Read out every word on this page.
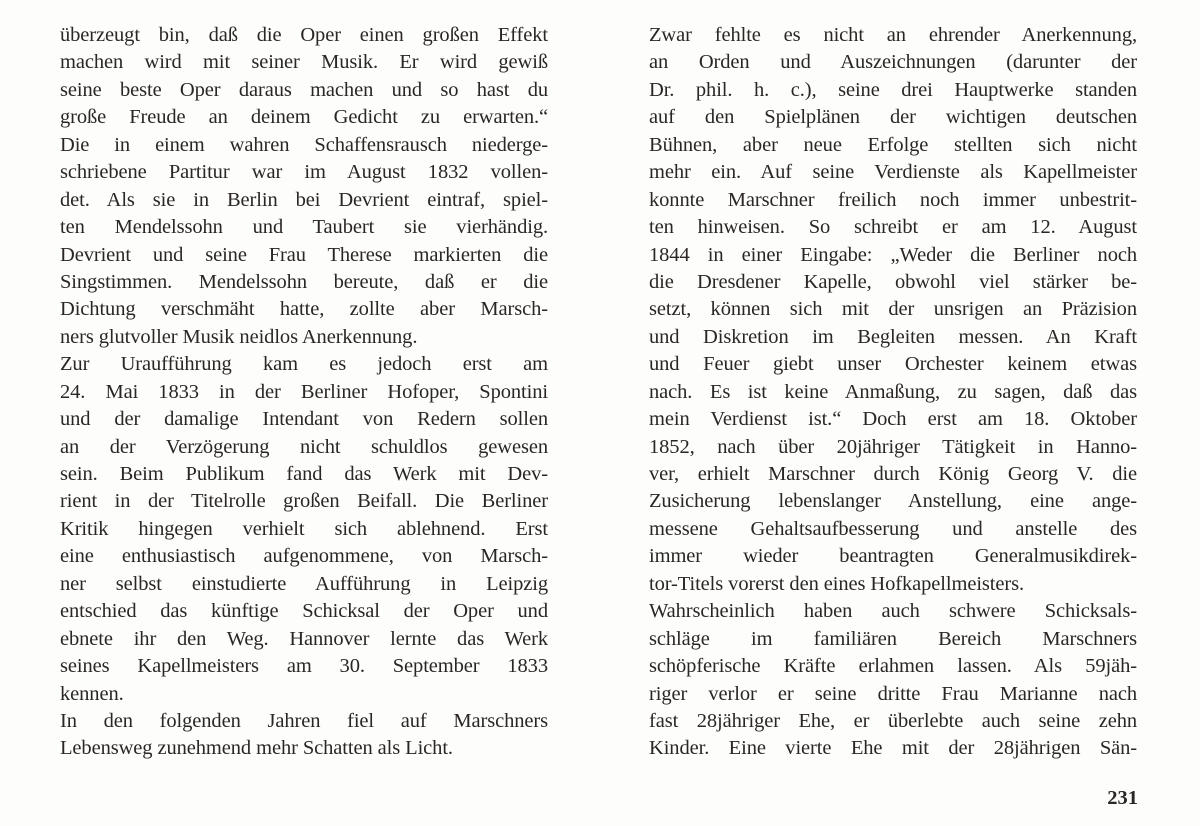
überzeugt bin, daß die Oper einen großen Effekt
machen wird mit seiner Musik. Er wird gewiß
seine beste Oper daraus machen und so hast du
große Freude an deinem Gedicht zu erwarten.“
Die in einem wahren Schaffensrausch niederge-
schriebene Partitur war im August 1832 vollen-
det. Als sie in Berlin bei Devrient eintraf, spiel-
ten Mendelssohn und Taubert sie vierhändig.
Devrient und seine Frau Therese markierten die
Singstimmen. Mendelssohn bereute, daß er die
Dichtung verschmäht hatte, zollte aber Marsch-
ners glutvoller Musik neidlos Anerkennung.
Zur Uraufführung kam es jedoch erst am
24. Mai 1833 in der Berliner Hofoper, Spontini
und der damalige Intendant von Redern sollen
an der Verzögerung nicht schuldlos gewesen
sein. Beim Publikum fand das Werk mit Dev-
rient in der Titelrolle großen Beifall. Die Berliner
Kritik hingegen verhielt sich ablehnend. Erst
eine enthusiastisch aufgenommene, von Marsch-
ner selbst einstudierte Aufführung in Leipzig
entschied das künftige Schicksal der Oper und
ebnete ihr den Weg. Hannover lernte das Werk
seines Kapellmeisters am 30. September 1833
kennen.
In den folgenden Jahren fiel auf Marschners
Lebensweg zunehmend mehr Schatten als Licht.
Zwar fehlte es nicht an ehrender Anerkennung,
an Orden und Auszeichnungen (darunter der
Dr. phil. h. c.), seine drei Hauptwerke standen
auf den Spielplänen der wichtigen deutschen
Bühnen, aber neue Erfolge stellten sich nicht
mehr ein. Auf seine Verdienste als Kapellmeister
konnte Marschner freilich noch immer unbestrit-
ten hinweisen. So schreibt er am 12. August
1844 in einer Eingabe: „Weder die Berliner noch
die Dresdener Kapelle, obwohl viel stärker be-
setzt, können sich mit der unsrigen an Präzision
und Diskretion im Begleiten messen. An Kraft
und Feuer giebt unser Orchester keinem etwas
nach. Es ist keine Anmaßung, zu sagen, daß das
mein Verdienst ist.“ Doch erst am 18. Oktober
1852, nach über 20jähriger Tätigkeit in Hanno-
ver, erhielt Marschner durch König Georg V. die
Zusicherung lebenslanger Anstellung, eine ange-
messene Gehaltsaufbesserung und anstelle des
immer wieder beantragten Generalmusikdirek-
tor-Titels vorerst den eines Hofkapellmeisters.
Wahrscheinlich haben auch schwere Schicksals-
schläge im familiären Bereich Marschners
schöpferische Kräfte erlahmen lassen. Als 59jäh-
riger verlor er seine dritte Frau Marianne nach
fast 28jähriger Ehe, er überlebte auch seine zehn
Kinder. Eine vierte Ehe mit der 28jährigen Sän-
231
